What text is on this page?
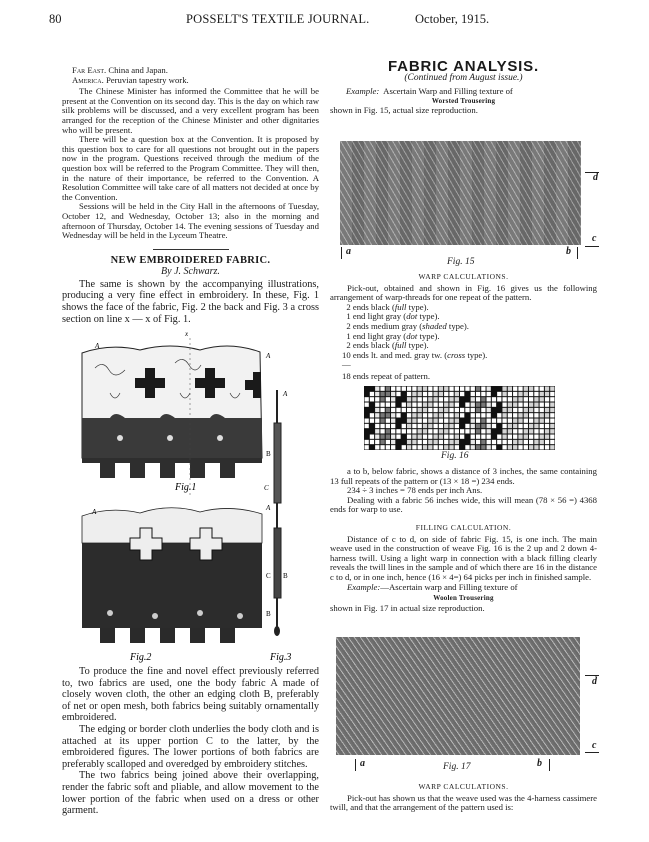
80	POSSELT'S TEXTILE JOURNAL.	October, 1915.

Far East. China and Japan.

America. Peruvian tapestry work.

The Chinese Minister has informed the Committee that he will be present at the Convention on its second day. This is the day on which raw silk problems will be discussed, and a very excellent program has been arranged for the reception of the Chinese Minister and other dignitaries who will be present.

There will be a question box at the Convention. It is proposed by this question box to care for all questions not brought out in the papers now in the program. Questions received through the medium of the question box will be referred to the Program Committee. They will then, in the nature of their importance, be referred to the Convention. A Resolution Committee will take care of all matters not decided at once by the Convention.

Sessions will be held in the City Hall in the afternoons of Tuesday, October 12, and Wednesday, October 13; also in the morning and afternoon of Thursday, October 14. The evening sessions of Tuesday and Wednesday will be held in the Lyceum Theatre.

NEW EMBROIDERED FABRIC.
By J. Schwarz.

The same is shown by the accompanying illustrations, producing a very fine effect in embroidery. In these, Fig. 1 shows the face of the fabric, Fig. 2 the back and Fig. 3 a cross section on line x — x of Fig. 1.

x
A
A
B
Fig.1
A	A
C
B
Fig.2
A
C
B
Fig.3

To produce the fine and novel effect previously referred to, two fabrics are used, one the body fabric A made of closely woven cloth, the other an edging cloth B, preferably of net or open mesh, both fabrics being suitably ornamentally embroidered.

The edging or border cloth underlies the body cloth and is attached at its upper portion C to the latter, by the embroidered figures. The lower portions of both fabrics are preferably scalloped and overedged by embroidery stitches.

The two fabrics being joined above their overlapping, render the fabric soft and pliable, and allow movement to the lower portion of the fabric when used on a dress or other garment.

FABRIC ANALYSIS.
(Continued from August issue.)

Example: Ascertain Warp and Filling texture of

Worsted Trousering

shown in Fig. 15, actual size reproduction.

a	b
d
c
Fig. 15
WARP CALCULATIONS.

Pick-out, obtained and shown in Fig. 16 gives us the following arrangement of warp-threads for one repeat of the pattern.

 2 ends black (full type).

 1 end light gray (dot type).

 2 ends medium gray (shaded type).

 1 end light gray (dot type).

 2 ends black (full type).

10 ends lt. and med. gray tw. (cross type).

—

18 ends repeat of pattern.

Fig. 16

a to b, below fabric, shows a distance of 3 inches, the same containing 13 full repeats of the pattern or (13 × 18 =) 234 ends.

234 ÷ 3 inches = 78 ends per inch Ans.

Dealing with a fabric 56 inches wide, this will mean (78 × 56 =) 4368 ends for warp to use.

FILLING CALCULATION.

Distance of c to d, on side of fabric Fig. 15, is one inch. The main weave used in the construction of weave Fig. 16 is the 2 up and 2 down 4-harness twill. Using a light warp in connection with a black filling clearly reveals the twill lines in the sample and of which there are 16 in the distance c to d, or in one inch, hence (16 × 4=) 64 picks per inch in finished sample.

Example:—Ascertain warp and Filling texture of

Woolen Trousering

shown in Fig. 17 in actual size reproduction.

a	b
d
c
Fig. 17
WARP CALCULATIONS.

Pick-out has shown us that the weave used was the 4-harness cassimere twill, and that the arrangement of the pattern used is:
